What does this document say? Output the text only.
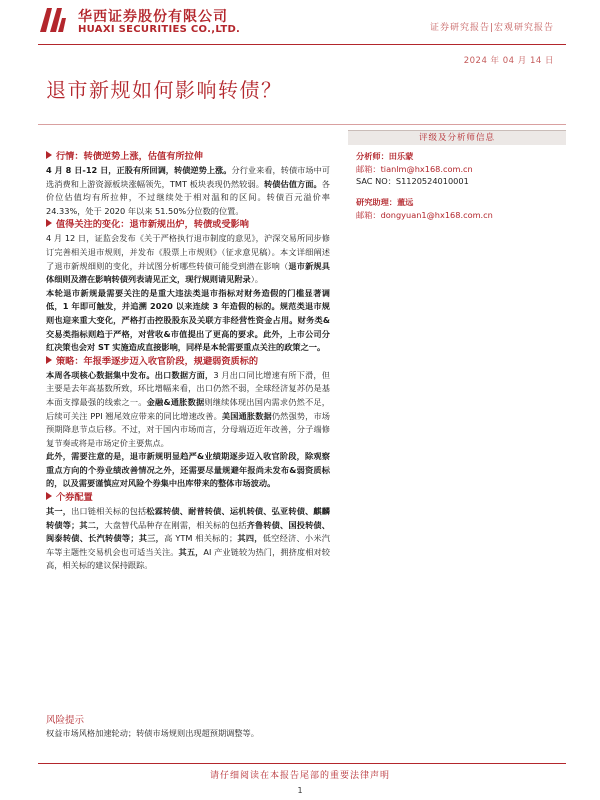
华西证券股份有限公司
HUAXI SECURITIES CO.,LTD.	证券研究报告|宏观研究报告
2024 年 04 月 14 日
退市新规如何影响转债？
行情：转债逆势上涨，估值有所拉伸

4 月 8 日-12 日，正股有所回调，转债逆势上涨。分行业来看，转债市场中可选消费和上游资源板块涨幅领先，TMT 板块表现仍然较弱。转债估值方面。各价位估值均有所拉伸，不过继续处于相对温和的区间。转债百元溢价率 24.33%，处于 2020 年以来 51.50%分位数的位置。

值得关注的变化：退市新规出炉，转债或受影响

4 月 12 日，证监会发布《关于严格执行退市制度的意见》，沪深交易所同步修订完善相关退市规则，并发布《股票上市规则》（征求意见稿）。本文详细阐述了退市新规细则的变化，并试图分析哪些转债可能受到潜在影响（退市新规具体细则及潜在影响转债列表请见正文，现行规则请见附录）。

本轮退市新规最需要关注的是重大违法类退市指标对财务造假的门槛显著调低，1 年即可触发，并追溯 2020 以来连续 3 年造假的标的。规范类退市规则也迎来重大变化，严格打击控股股东及关联方非经营性资金占用。财务类&交易类指标则趋于严格，对营收&市值提出了更高的要求。此外，上市公司分红决策也会对 ST 实施造成直接影响，同样是本轮需要重点关注的政策之一。

策略：年报季逐步迈入收官阶段，规避弱资质标的

本周各项核心数据集中发布。出口数据方面，3 月出口同比增速有所下滑，但主要是去年高基数所致，环比增幅来看，出口仍然不弱，全球经济复苏仍是基本面支撑最强的线索之一。金融&通胀数据则继续体现出国内需求仍然不足，后续可关注 PPI 翘尾效应带来的同比增速改善。美国通胀数据仍然强势，市场预期降息节点后移。不过，对于国内市场而言，分母端迈近年改善，分子端修复节奏或将是市场定价主要焦点。

此外，需要注意的是，退市新规明显趋严&业绩期逐步迈入收官阶段，除观察重点方向的个券业绩改善情况之外，还需要尽量规避年报尚未发布&弱资质标的，以及需要谨慎应对风险个券集中出库带来的整体市场波动。

个券配置

其一，出口链相关标的包括松霖转债、耐普转债、运机转债、弘亚转债、麒麟转债等；其二，大盘替代品种存在刚需，相关标的包括齐鲁转债、国投转债、闽泰转债、长汽转债等；其三，高 YTM 相关标的；其四，低空经济、小米汽车等主题性交易机会也可适当关注。其五，AI 产业链较为热门，拥挤度相对较高，相关标的建议保持跟踪。

风险提示
权益市场风格加速轮动；转债市场规则出现超预期调整等。
评级及分析师信息
分析师：田乐蒙
邮箱：tianlm@hx168.com.cn
SAC NO：S1120524010001
研究助理：董远
邮箱：dongyuan1@hx168.com.cn
请仔细阅读在本报告尾部的重要法律声明
1
